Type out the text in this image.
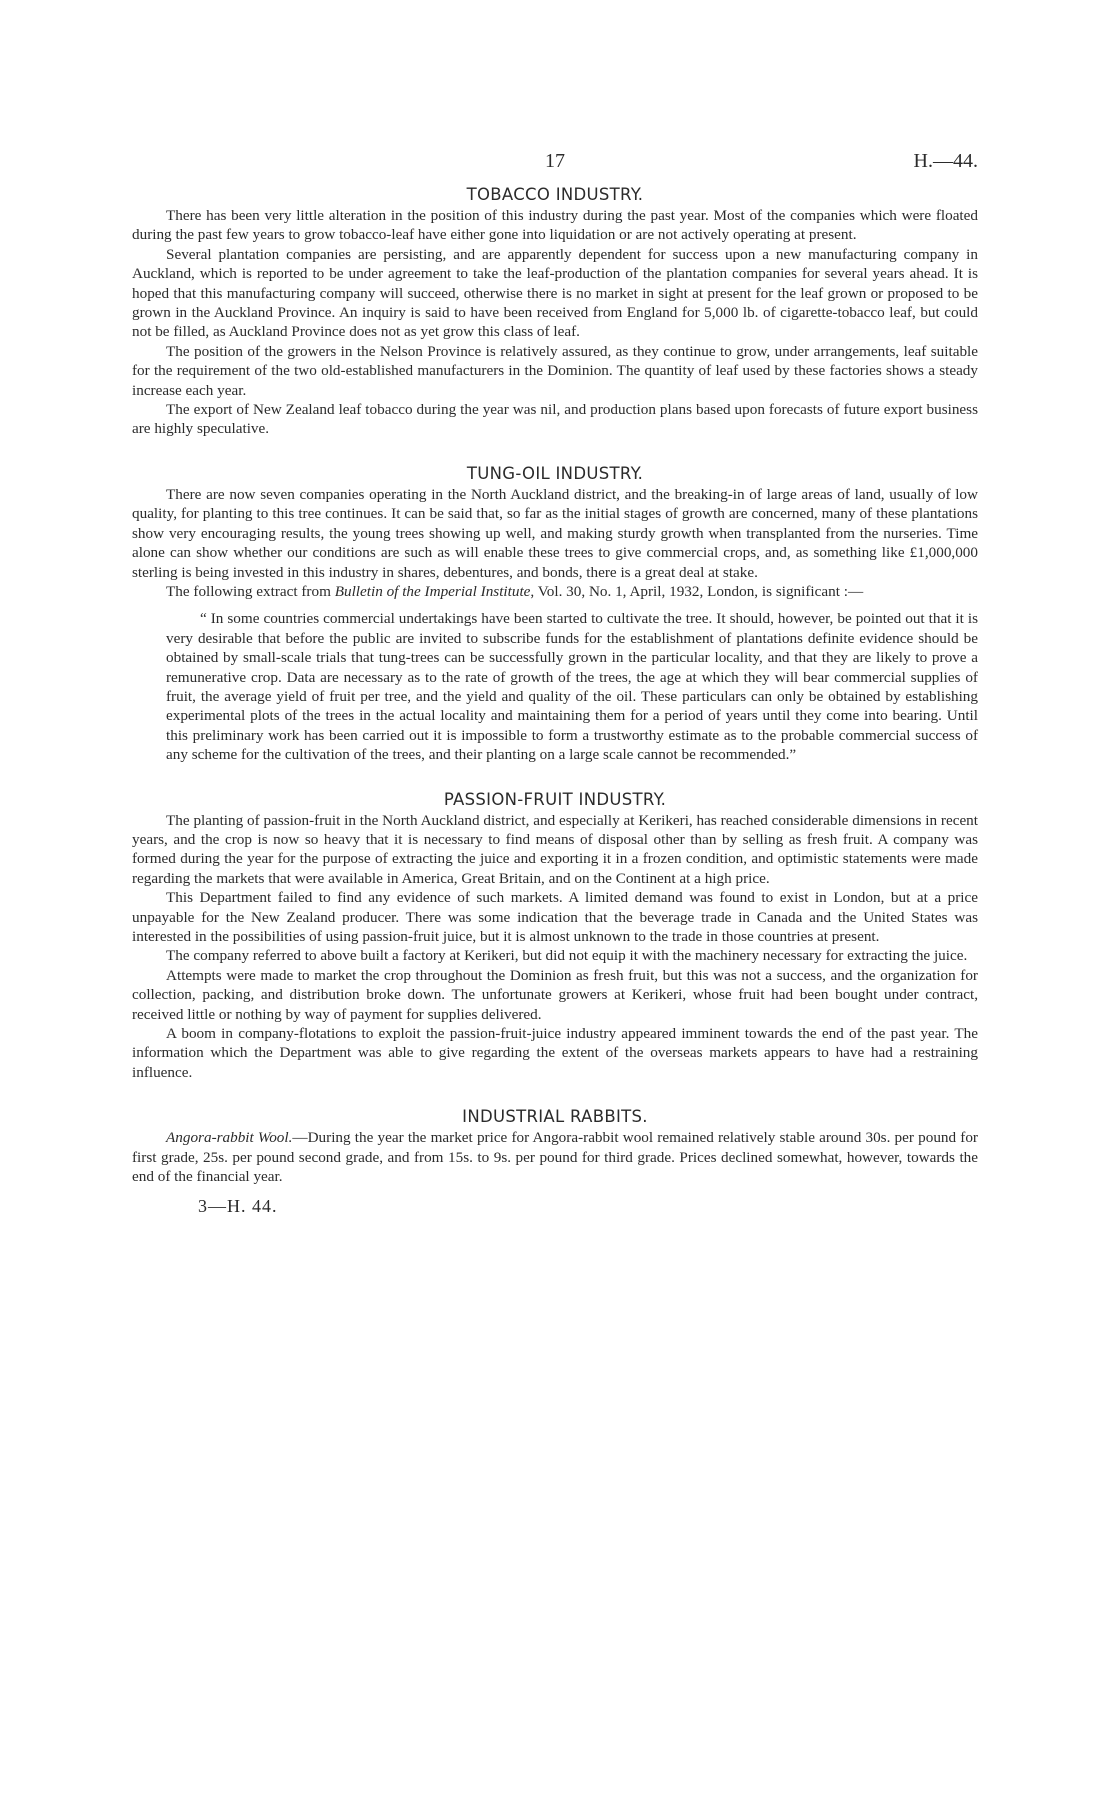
17	H.—44.
TOBACCO INDUSTRY.

There has been very little alteration in the position of this industry during the past year. Most of the companies which were floated during the past few years to grow tobacco-leaf have either gone into liquidation or are not actively operating at present.

Several plantation companies are persisting, and are apparently dependent for success upon a new manufacturing company in Auckland, which is reported to be under agreement to take the leaf-production of the plantation companies for several years ahead. It is hoped that this manufacturing company will succeed, otherwise there is no market in sight at present for the leaf grown or proposed to be grown in the Auckland Province. An inquiry is said to have been received from England for 5,000 lb. of cigarette-tobacco leaf, but could not be filled, as Auckland Province does not as yet grow this class of leaf.

The position of the growers in the Nelson Province is relatively assured, as they continue to grow, under arrangements, leaf suitable for the requirement of the two old-established manufacturers in the Dominion. The quantity of leaf used by these factories shows a steady increase each year.

The export of New Zealand leaf tobacco during the year was nil, and production plans based upon forecasts of future export business are highly speculative.

TUNG-OIL INDUSTRY.

There are now seven companies operating in the North Auckland district, and the breaking-in of large areas of land, usually of low quality, for planting to this tree continues. It can be said that, so far as the initial stages of growth are concerned, many of these plantations show very encouraging results, the young trees showing up well, and making sturdy growth when transplanted from the nurseries. Time alone can show whether our conditions are such as will enable these trees to give commercial crops, and, as something like £1,000,000 sterling is being invested in this industry in shares, debentures, and bonds, there is a great deal at stake.

The following extract from Bulletin of the Imperial Institute, Vol. 30, No. 1, April, 1932, London, is significant :—

“ In some countries commercial undertakings have been started to cultivate the tree. It should, however, be pointed out that it is very desirable that before the public are invited to subscribe funds for the establishment of plantations definite evidence should be obtained by small-scale trials that tung-trees can be successfully grown in the particular locality, and that they are likely to prove a remunerative crop. Data are necessary as to the rate of growth of the trees, the age at which they will bear commercial supplies of fruit, the average yield of fruit per tree, and the yield and quality of the oil. These particulars can only be obtained by establishing experimental plots of the trees in the actual locality and maintaining them for a period of years until they come into bearing. Until this preliminary work has been carried out it is impossible to form a trustworthy estimate as to the probable commercial success of any scheme for the cultivation of the trees, and their planting on a large scale cannot be recommended.”
PASSION-FRUIT INDUSTRY.

The planting of passion-fruit in the North Auckland district, and especially at Kerikeri, has reached considerable dimensions in recent years, and the crop is now so heavy that it is necessary to find means of disposal other than by selling as fresh fruit. A company was formed during the year for the purpose of extracting the juice and exporting it in a frozen condition, and optimistic statements were made regarding the markets that were available in America, Great Britain, and on the Continent at a high price.

This Department failed to find any evidence of such markets. A limited demand was found to exist in London, but at a price unpayable for the New Zealand producer. There was some indication that the beverage trade in Canada and the United States was interested in the possibilities of using passion-fruit juice, but it is almost unknown to the trade in those countries at present.

The company referred to above built a factory at Kerikeri, but did not equip it with the machinery necessary for extracting the juice.

Attempts were made to market the crop throughout the Dominion as fresh fruit, but this was not a success, and the organization for collection, packing, and distribution broke down. The unfortunate growers at Kerikeri, whose fruit had been bought under contract, received little or nothing by way of payment for supplies delivered.

A boom in company-flotations to exploit the passion-fruit-juice industry appeared imminent towards the end of the past year. The information which the Department was able to give regarding the extent of the overseas markets appears to have had a restraining influence.

INDUSTRIAL RABBITS.

Angora-rabbit Wool.—During the year the market price for Angora-rabbit wool remained relatively stable around 30s. per pound for first grade, 25s. per pound second grade, and from 15s. to 9s. per pound for third grade. Prices declined somewhat, however, towards the end of the financial year.

3—H. 44.
